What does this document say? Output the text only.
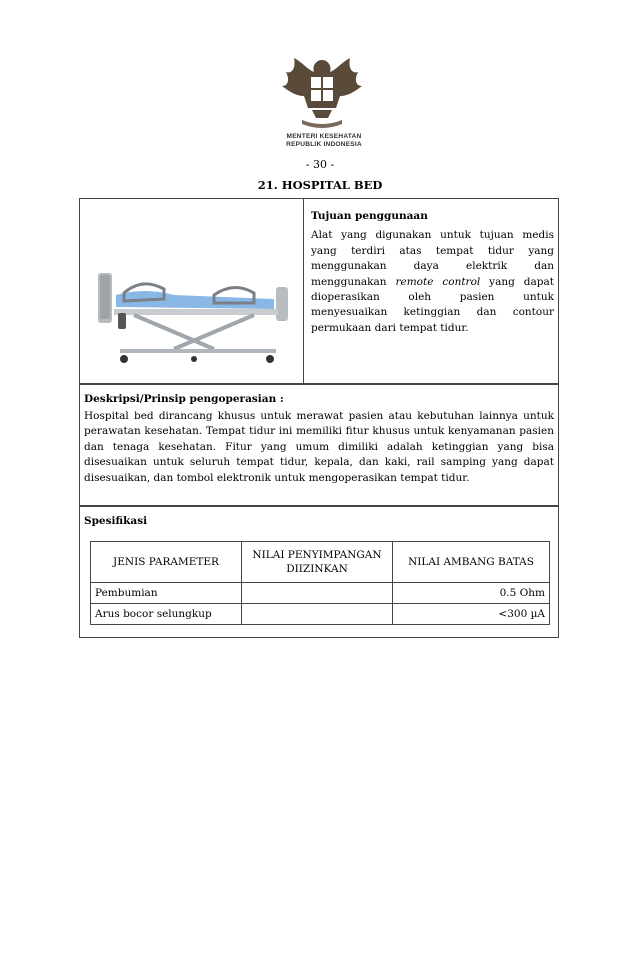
MENTERI KESEHATAN
REPUBLIK INDONESIA
- 30 -
21. HOSPITAL BED
Tujuan penggunaan
Alat yang digunakan untuk tujuan medis yang terdiri atas tempat tidur yang menggunakan daya elektrik dan menggunakan remote control yang dapat dioperasikan oleh pasien untuk menyesuaikan ketinggian dan contour permukaan dari tempat tidur.
Deskripsi/Prinsip pengoperasian :

Hospital bed dirancang khusus untuk merawat pasien atau kebutuhan lainnya untuk perawatan kesehatan. Tempat tidur ini memiliki fitur khusus untuk kenyamanan pasien dan tenaga kesehatan. Fitur yang umum dimiliki adalah ketinggian yang bisa disesuaikan untuk seluruh tempat tidur, kepala, dan kaki, rail samping yang dapat disesuaikan, dan tombol elektronik untuk mengoperasikan tempat tidur.

Spesifikasi
JENIS PARAMETER	NILAI PENYIMPANGAN DIIZINKAN	NILAI AMBANG BATAS
Pembumian		0.5 Ohm
Arus bocor selungkup		<300 µA
